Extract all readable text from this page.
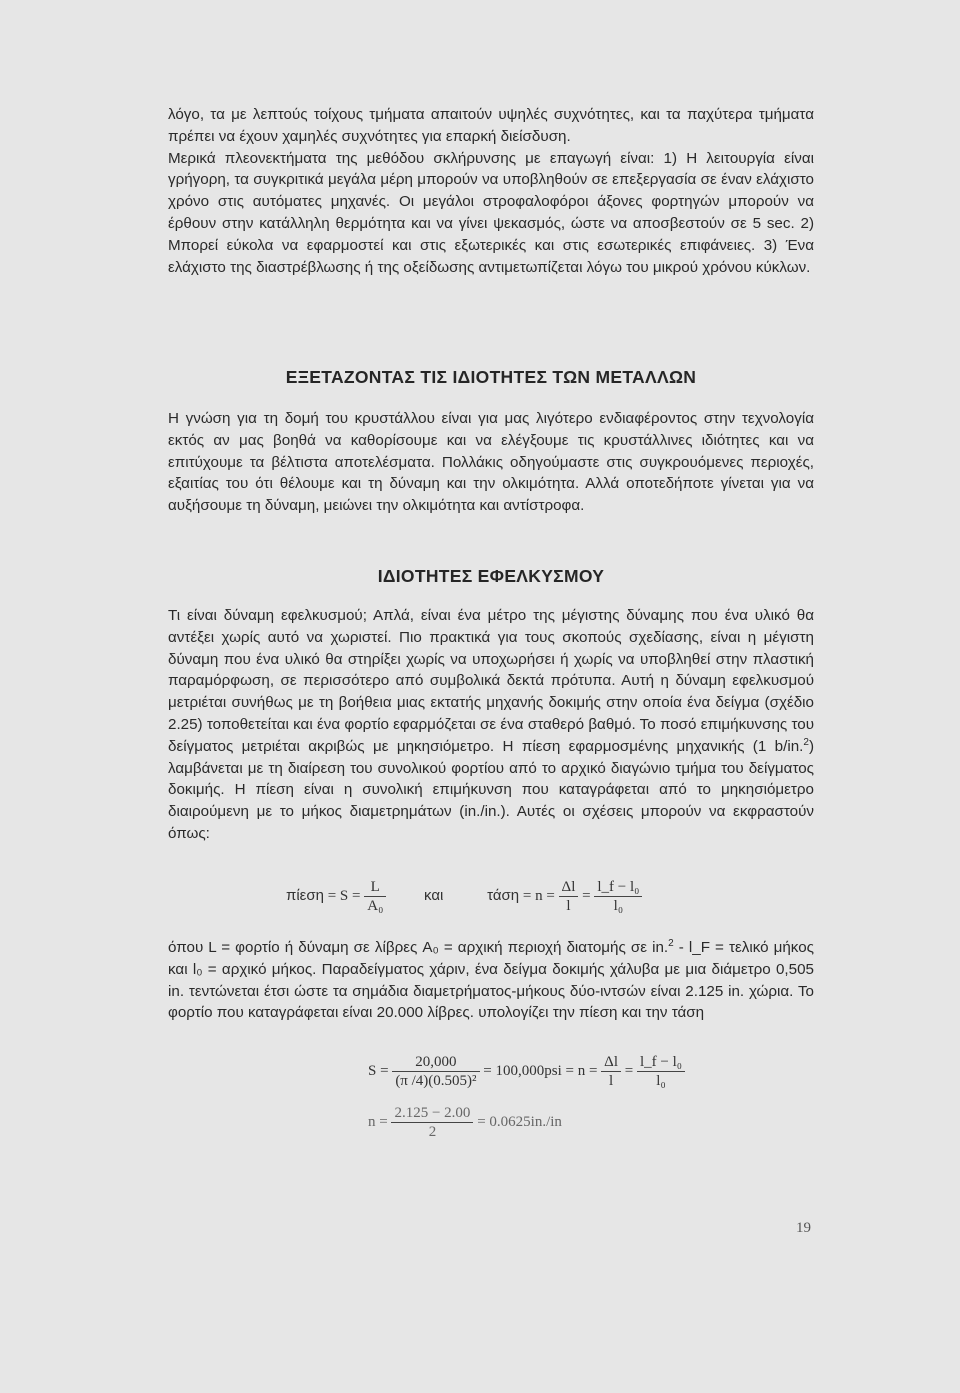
λόγο, τα με λεπτούς τοίχους τμήματα απαιτούν υψηλές συχνότητες, και τα παχύτερα τμήματα πρέπει να έχουν χαμηλές συχνότητες για επαρκή διείσδυση.

Μερικά πλεονεκτήματα της μεθόδου σκλήρυνσης με επαγωγή είναι: 1) Η λειτουργία είναι γρήγορη, τα συγκριτικά μεγάλα μέρη μπορούν να υποβληθούν σε επεξεργασία σε έναν ελάχιστο χρόνο στις αυτόματες μηχανές. Οι μεγάλοι στροφαλοφόροι άξονες φορτηγών μπορούν να έρθουν στην κατάλληλη θερμότητα και να γίνει ψεκασμός, ώστε να αποσβεστούν σε 5 sec. 2) Μπορεί εύκολα να εφαρμοστεί και στις εξωτερικές και στις εσωτερικές επιφάνειες. 3) Ένα ελάχιστο της διαστρέβλωσης ή της οξείδωσης αντιμετωπίζεται λόγω του μικρού χρόνου κύκλων.

ΕΞΕΤΑΖΟΝΤΑΣ ΤΙΣ ΙΔΙΟΤΗΤΕΣ ΤΩΝ ΜΕΤΑΛΛΩΝ

Η γνώση για τη δομή του κρυστάλλου είναι για μας λιγότερο ενδιαφέροντος στην τεχνολογία εκτός αν μας βοηθά να καθορίσουμε και να ελέγξουμε τις κρυστάλλινες ιδιότητες και να επιτύχουμε τα βέλτιστα αποτελέσματα. Πολλάκις οδηγούμαστε στις συγκρουόμενες περιοχές, εξαιτίας του ότι θέλουμε και τη δύναμη και την ολκιμότητα. Αλλά οποτεδήποτε γίνεται για να αυξήσουμε τη δύναμη, μειώνει την ολκιμότητα και αντίστροφα.

ΙΔΙΟΤΗΤΕΣ ΕΦΕΛΚΥΣΜΟΥ

Τι είναι δύναμη εφελκυσμού; Απλά, είναι ένα μέτρο της μέγιστης δύναμης που ένα υλικό θα αντέξει χωρίς αυτό να χωριστεί. Πιο πρακτικά για τους σκοπούς σχεδίασης, είναι η μέγιστη δύναμη που ένα υλικό θα στηρίξει χωρίς να υποχωρήσει ή χωρίς να υποβληθεί στην πλαστική παραμόρφωση, σε περισσότερο από συμβολικά δεκτά πρότυπα. Αυτή η δύναμη εφελκυσμού μετριέται συνήθως με τη βοήθεια μιας εκτατής μηχανής δοκιμής στην οποία ένα δείγμα (σχέδιο 2.25) τοποθετείται και ένα φορτίο εφαρμόζεται σε ένα σταθερό βαθμό. Το ποσό επιμήκυνσης του δείγματος μετριέται ακριβώς με μηκησιόμετρο. Η πίεση εφαρμοσμένης μηχανικής (1 b/in.$^2$) λαμβάνεται με τη διαίρεση του συνολικού φορτίου από το αρχικό διαγώνιο τμήμα του δείγματος δοκιμής. Η πίεση είναι η συνολική επιμήκυνση που καταγράφεται από το μηκησιόμετρο διαιρούμενη με το μήκος διαμετρημάτων (in./in.). Αυτές οι σχέσεις μπορούν να εκφραστούν όπως:

$\pi ί\varepsilon\sigma\eta = S = \frac{L}{\text{A₀}}$	και	$\tau ά\sigma\eta = n = \frac{\Delta l}{l} = \frac{\text{l\_f − l₀}}{\text{l₀}}$

όπου L = φορτίο ή δύναμη σε λίβρες A₀ = αρχική περιοχή διατομής σε in.$^2$ - l_F = τελικό μήκος και l₀ = αρχικό μήκος. Παραδείγματος χάριν, ένα δείγμα δοκιμής χάλυβα με μια διάμετρο 0,505 in. τεντώνεται έτσι ώστε τα σημάδια διαμετρήματος-μήκους δύο-ιντσών είναι 2.125 in. χώρια. Το φορτίο που καταγράφεται είναι 20.000 λίβρες. υπολογίζει την πίεση και την τάση

$S = \frac{20,000}{\text{(π /4)(0.505)²}} = 100,000psi = n = \frac{\Delta l}{l} = \frac{\text{l\_f − l₀}}{\text{l₀}}$
$n = \frac{2.125 - 2.00}{2} = 0.0625in./in$
19
